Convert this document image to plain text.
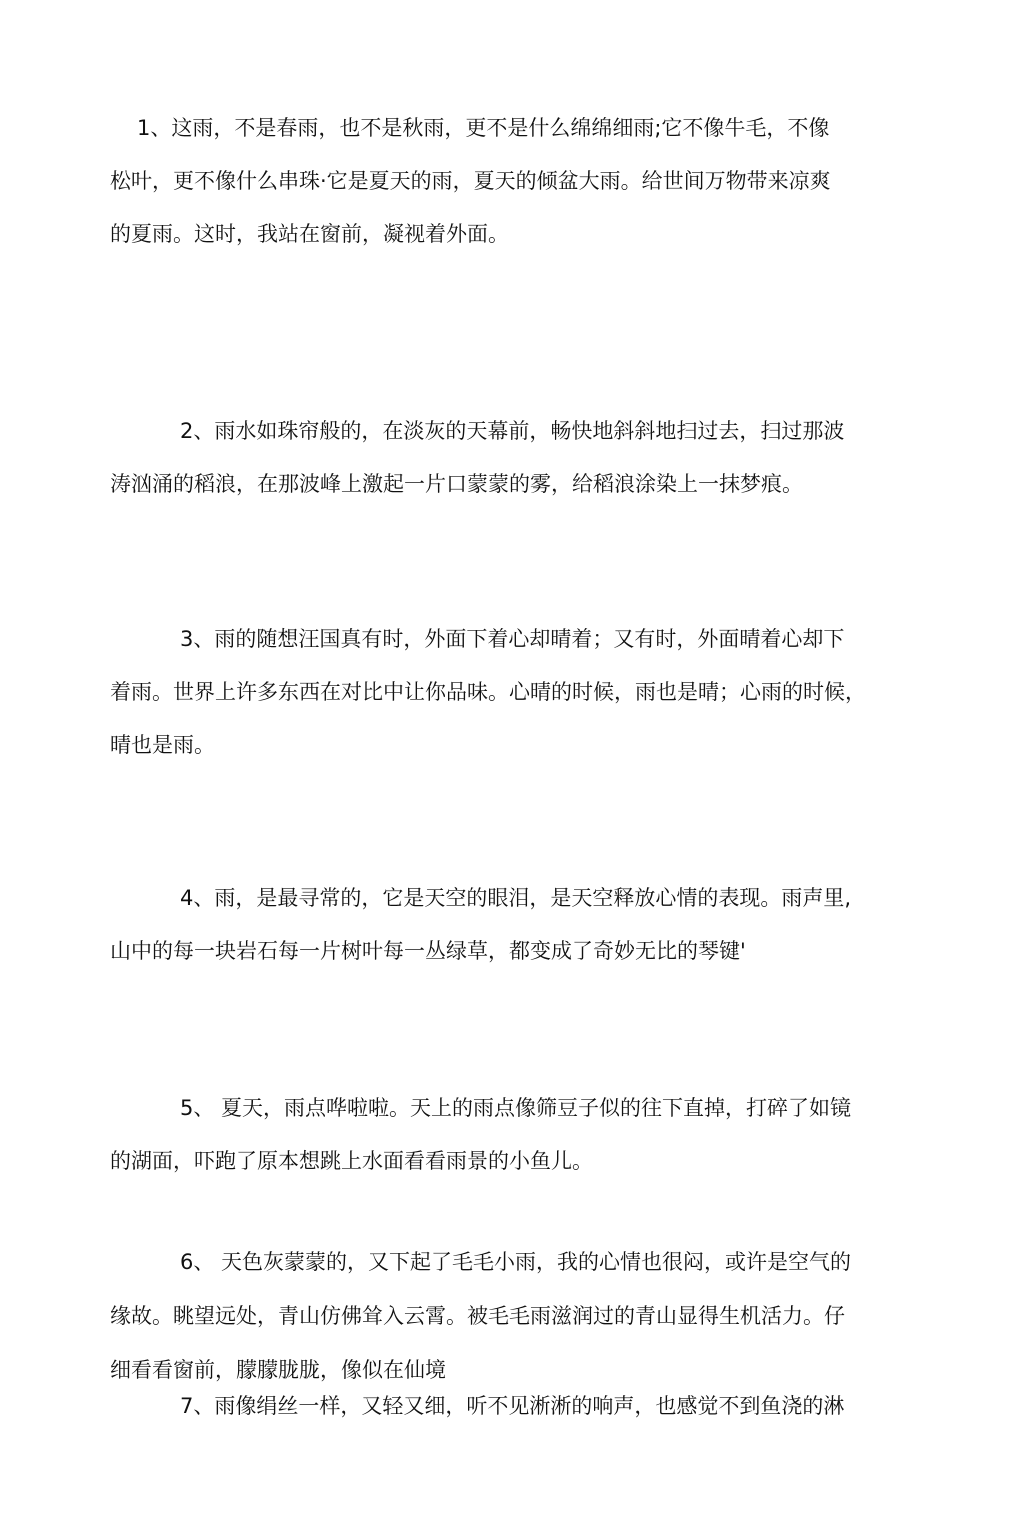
1、这雨，不是春雨，也不是秋雨，更不是什么绵绵细雨;它不像牛毛，不像
松叶，更不像什么串珠·它是夏天的雨，夏天的倾盆大雨。给世间万物带来凉爽
的夏雨。这时，我站在窗前，凝视着外面。
2、雨水如珠帘般的，在淡灰的天幕前，畅快地斜斜地扫过去，扫过那波
涛汹涌的稻浪，在那波峰上激起一片口蒙蒙的雾，给稻浪涂染上一抹梦痕。
3、雨的随想汪国真有时，外面下着心却晴着；又有时，外面晴着心却下
着雨。世界上许多东西在对比中让你品味。心晴的时候，雨也是晴；心雨的时候，
晴也是雨。
4、雨，是最寻常的，它是天空的眼泪，是天空释放心情的表现。雨声里,
山中的每一块岩石每一片树叶每一丛绿草，都变成了奇妙无比的琴键'
5、 夏天，雨点哗啦啦。天上的雨点像筛豆子似的往下直掉，打碎了如镜
的湖面，吓跑了原本想跳上水面看看雨景的小鱼儿。
6、 天色灰蒙蒙的，又下起了毛毛小雨，我的心情也很闷，或许是空气的
缘故。眺望远处，青山仿佛耸入云霄。被毛毛雨滋润过的青山显得生机活力。仔
细看看窗前，朦朦胧胧，像似在仙境
7、雨像绢丝一样，又轻又细，听不见淅淅的响声，也感觉不到鱼浇的淋
